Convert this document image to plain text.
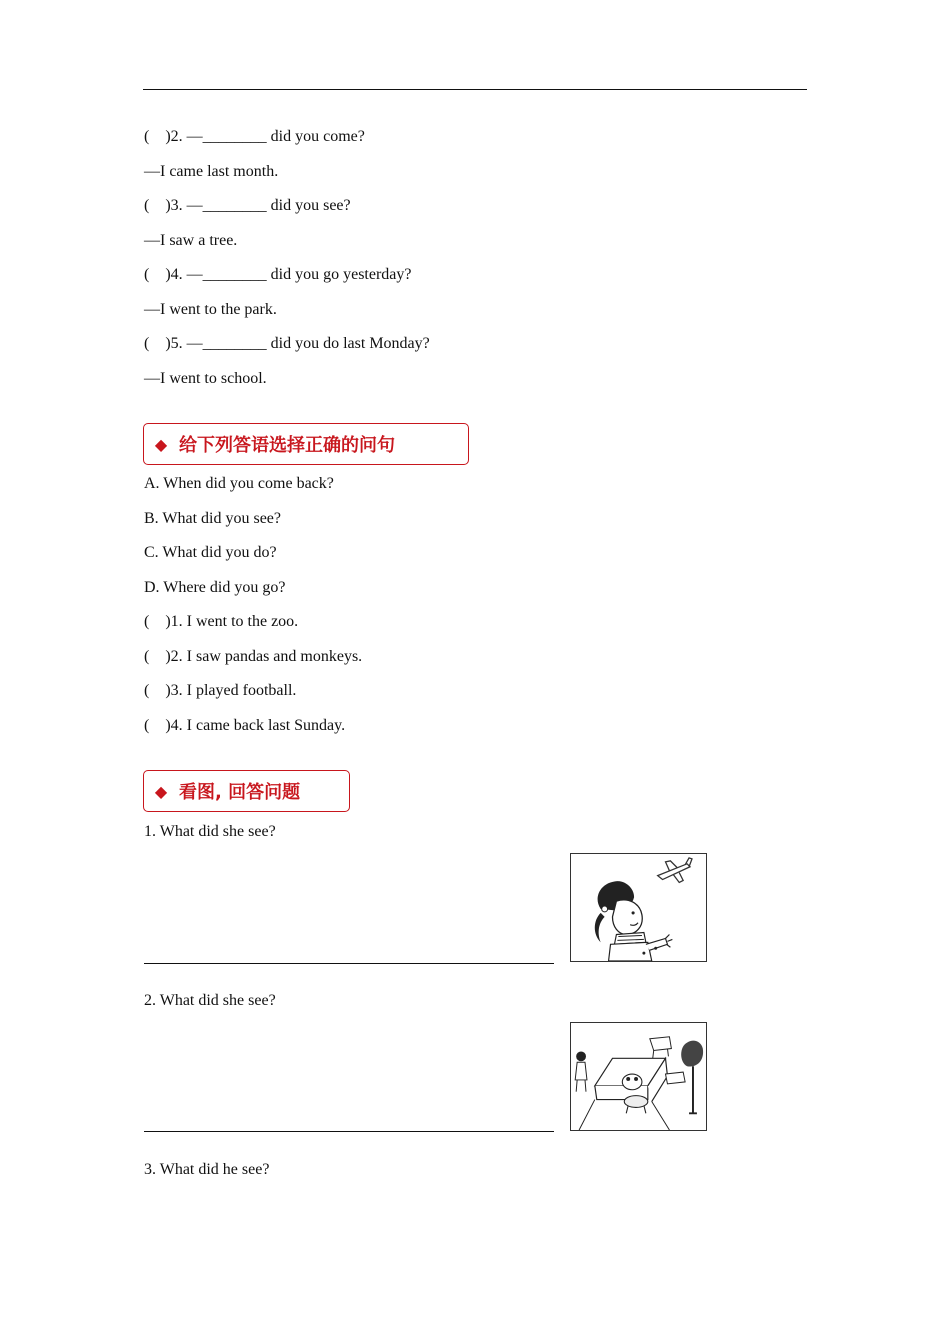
(    )2. —________ did you come?
—I came last month.
(    )3. —________ did you see?
—I saw a tree.
(    )4. —________ did you go yesterday?
—I went to the park.
(    )5. —________ did you do last Monday?
—I went to school.
◆ 给下列答语选择正确的问句
A. When did you come back?
B. What did you see?
C. What did you do?
D. Where did you go?
(    )1. I went to the zoo.
(    )2. I saw pandas and monkeys.
(    )3. I played football.
(    )4. I came back last Sunday.
◆ 看图, 回答问题
1. What did she see?
2. What did she see?
3. What did he see?
